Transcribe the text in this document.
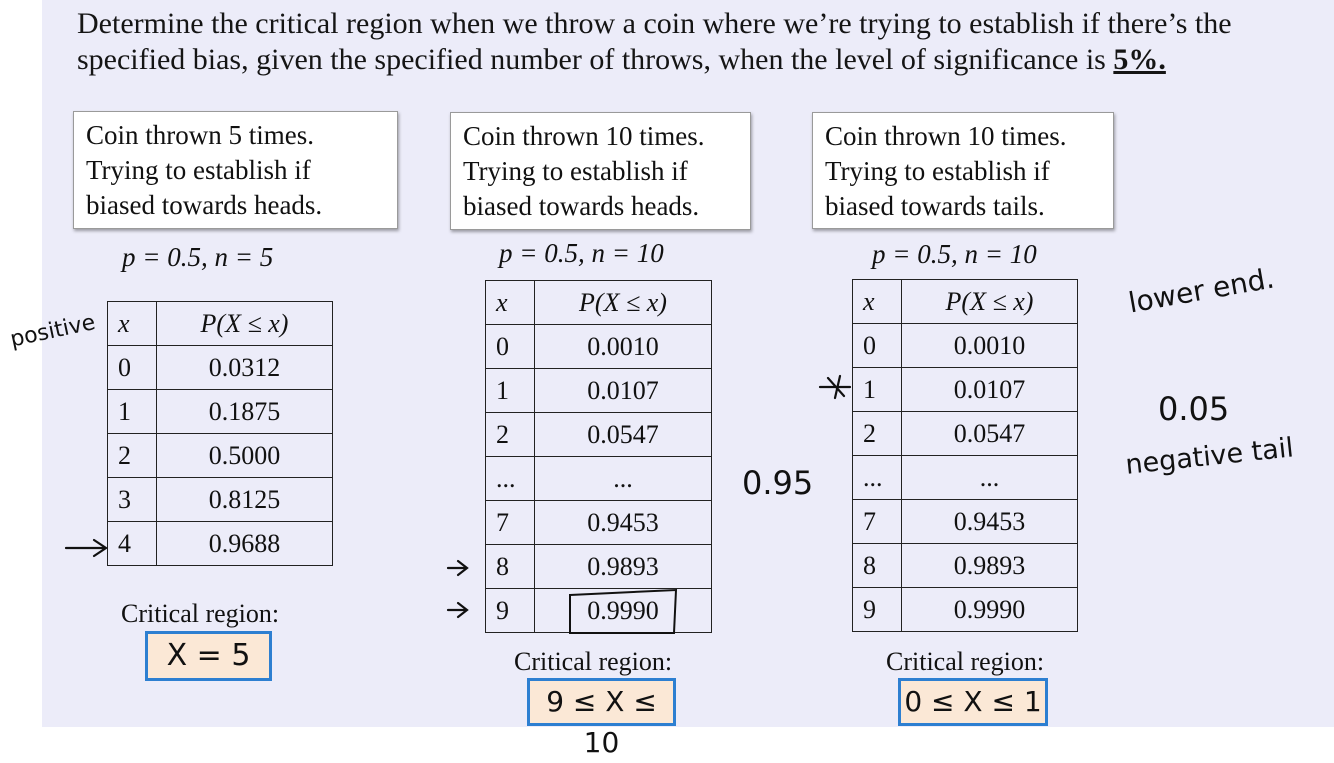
Determine the critical region when we throw a coin where we’re trying to establish if there’s the specified bias, given the specified number of throws, when the level of significance is 5%.
Coin thrown 5 times.
Trying to establish if
biased towards heads.
p = 0.5, n = 5
x	P(X ≤ x)
0	0.0312
1	0.1875
2	0.5000
3	0.8125
4	0.9688
Critical region:
X = 5
Coin thrown 10 times.
Trying to establish if
biased towards heads.
p = 0.5, n = 10
x	P(X ≤ x)
0	0.0010
1	0.0107
2	0.0547
...	...
7	0.9453
8	0.9893
9	0.9990
Critical region:
9 ≤ X ≤ 10
Coin thrown 10 times.
Trying to establish if
biased towards tails.
p = 0.5, n = 10
x	P(X ≤ x)
0	0.0010
1	0.0107
2	0.0547
...	...
7	0.9453
8	0.9893
9	0.9990
Critical region:
0 ≤ X ≤ 1
positive
0.95
lower end.
0.05
negative tail
